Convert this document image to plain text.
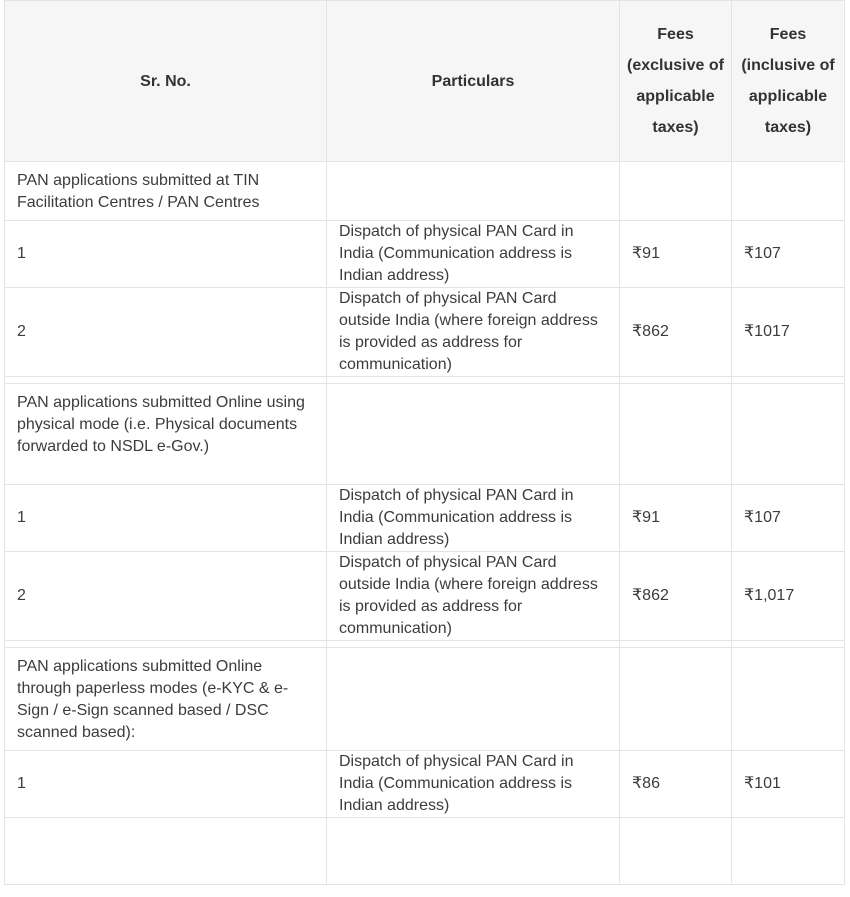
Sr. No.	Particulars	Fees (exclusive of applicable taxes)	Fees (inclusive of applicable taxes)
PAN applications submitted at TIN Facilitation Centres / PAN Centres			
1	Dispatch of physical PAN Card in India (Communication address is Indian address)	₹91	₹107
2	Dispatch of physical PAN Card outside India (where foreign address is provided as address for communication)	₹862	₹1017

PAN applications submitted Online using physical mode (i.e. Physical documents forwarded to NSDL e-Gov.)			
1	Dispatch of physical PAN Card in India (Communication address is Indian address)	₹91	₹107
2	Dispatch of physical PAN Card outside India (where foreign address is provided as address for communication)	₹862	₹1,017

PAN applications submitted Online through paperless modes (e-KYC & e-Sign / e-Sign scanned based / DSC scanned based):			
1	Dispatch of physical PAN Card in India (Communication address is Indian address)	₹86	₹101
